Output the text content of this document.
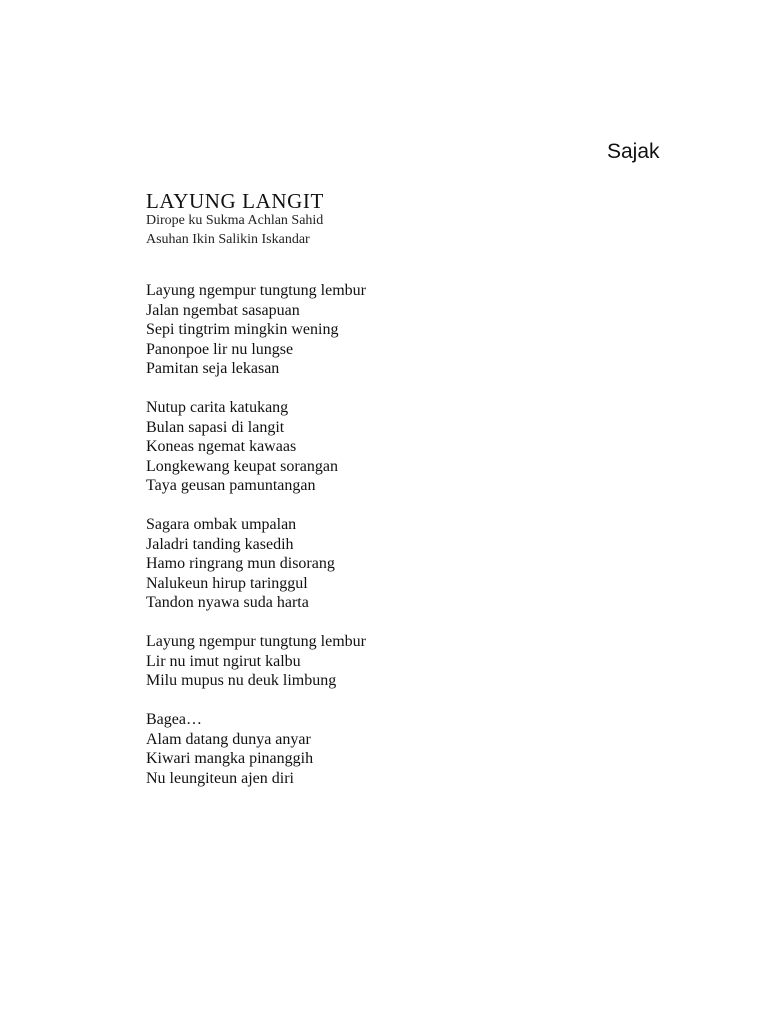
Sajak
LAYUNG LANGIT
Dirope ku Sukma Achlan Sahid
Asuhan Ikin Salikin Iskandar
Layung ngempur tungtung lembur
Jalan ngembat sasapuan
Sepi tingtrim mingkin wening
Panonpoe lir nu lungse
Pamitan seja lekasan
Nutup carita katukang
Bulan sapasi di langit
Koneas ngemat kawaas
Longkewang keupat sorangan
Taya geusan pamuntangan
Sagara ombak umpalan
Jaladri tanding kasedih
Hamo ringrang mun disorang
Nalukeun hirup taringgul
Tandon nyawa suda harta
Layung ngempur tungtung lembur
Lir nu imut ngirut kalbu
Milu mupus nu deuk limbung
Bagea…
Alam datang dunya anyar
Kiwari mangka pinanggih
Nu leungiteun ajen diri
